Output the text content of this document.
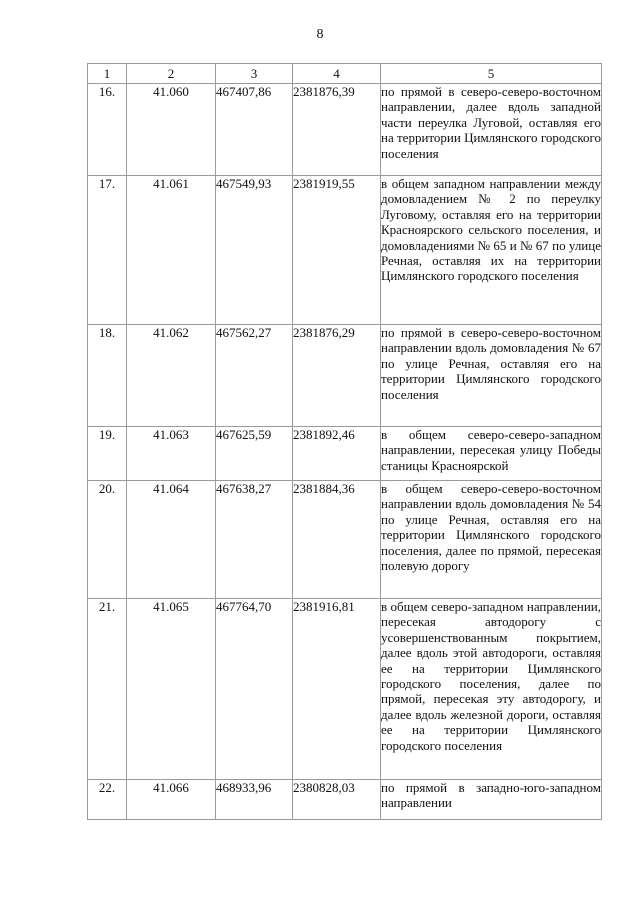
8
1	2	3	4	5
16.	41.060	467407,86	2381876,39	по прямой в северо-северо-восточном направлении, далее вдоль западной части переулка Луговой, оставляя его на территории Цимлянского городского поселения
17.	41.061	467549,93	2381919,55	в общем западном направлении между домовладением № 2 по переулку Луговому, оставляя его на территории Красноярского сельского поселения, и домовладениями № 65 и № 67 по улице Речная, оставляя их на территории Цимлянского городского поселения
18.	41.062	467562,27	2381876,29	по прямой в северо-северо-восточном направлении вдоль домовладения № 67 по улице Речная, оставляя его на территории Цимлянского городского поселения
19.	41.063	467625,59	2381892,46	в общем северо-северо-западном направлении, пересекая улицу Победы станицы Красноярской
20.	41.064	467638,27	2381884,36	в общем северо-северо-восточном направлении вдоль домовладения № 54 по улице Речная, оставляя его на территории Цимлянского городского поселения, далее по прямой, пересекая полевую дорогу
21.	41.065	467764,70	2381916,81	в общем северо-западном направлении, пересекая автодорогу с усовершенствованным покрытием, далее вдоль этой автодороги, оставляя ее на территории Цимлянского городского поселения, далее по прямой, пересекая эту автодорогу, и далее вдоль железной дороги, оставляя ее на территории Цимлянского городского поселения
22.	41.066	468933,96	2380828,03	по прямой в западно-юго-западном направлении
